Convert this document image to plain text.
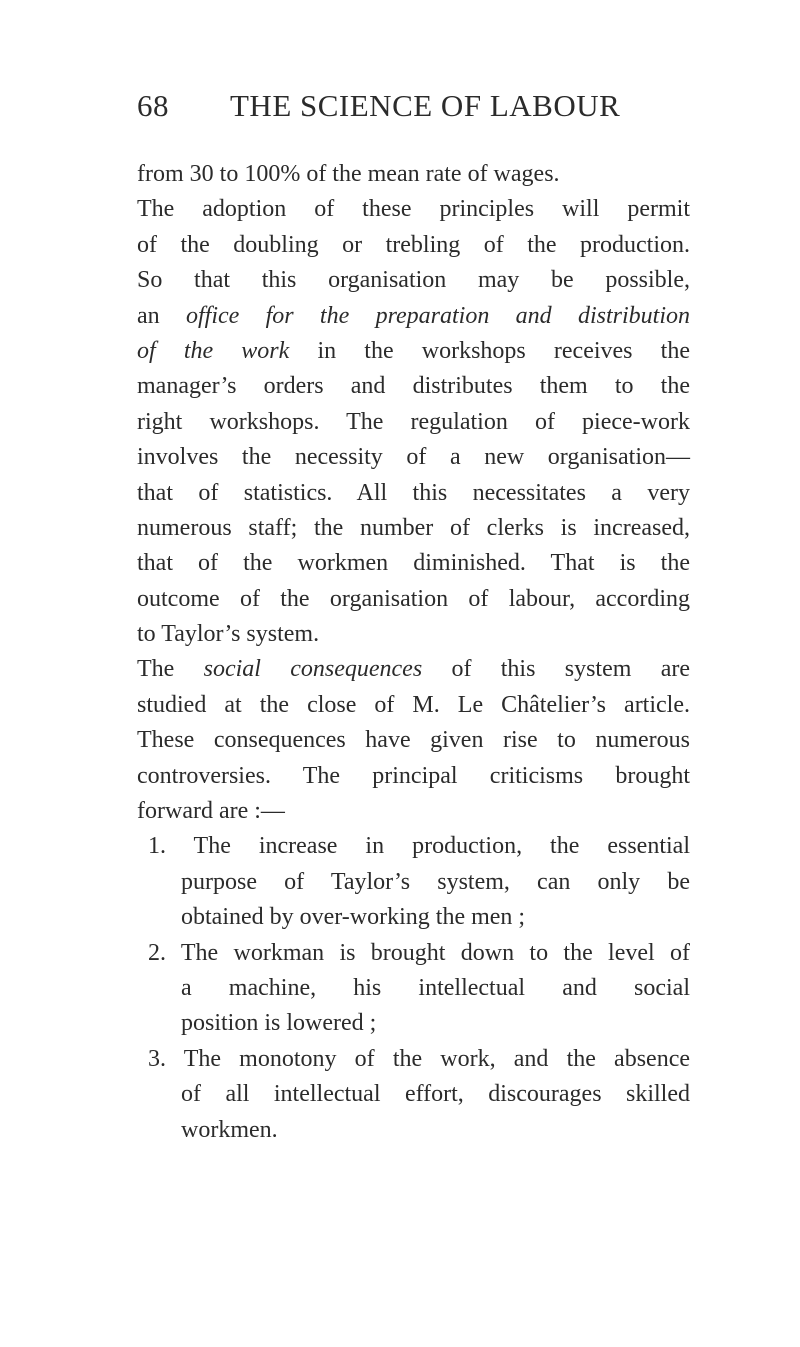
68 THE SCIENCE OF LABOUR
from 30 to 100% of the mean rate of wages.
The adoption of these principles will permit
of the doubling or trebling of the production.
So that this organisation may be possible,
an office for the preparation and distribution
of the work in the workshops receives the
manager’s orders and distributes them to the
right workshops. The regulation of piece-work
involves the necessity of a new organisation—
that of statistics. All this necessitates a very
numerous staff; the number of clerks is increased,
that of the workmen diminished. That is the
outcome of the organisation of labour, according
to Taylor’s system.
The social consequences of this system are
studied at the close of M. Le Châtelier’s article.
These consequences have given rise to numerous
controversies. The principal criticisms brought
forward are :—
1. The increase in production, the essential
purpose of Taylor’s system, can only be
obtained by over-working the men ;
2. The workman is brought down to the level of
a machine, his intellectual and social
position is lowered ;
3. The monotony of the work, and the absence
of all intellectual effort, discourages skilled
workmen.
